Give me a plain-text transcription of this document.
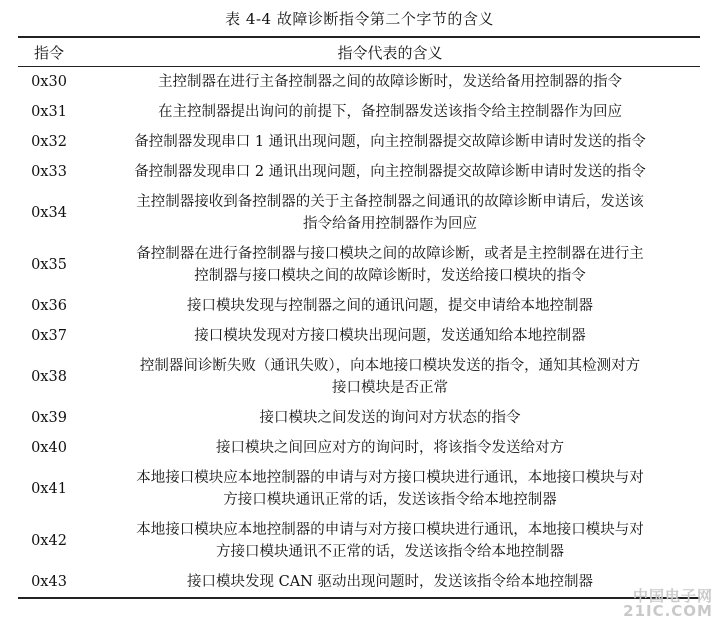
表 4-4 故障诊断指令第二个字节的含义
指令	指令代表的含义
0x30	主控制器在进行主备控制器之间的故障诊断时，发送给备用控制器的指令

0x31	在主控制器提出询问的前提下，备控制器发送该指令给主控制器作为回应

0x32	备控制器发现串口 1 通讯出现问题，向主控制器提交故障诊断申请时发送的指令

0x33	备控制器发现串口 2 通讯出现问题，向主控制器提交故障诊断申请时发送的指令

0x34	主控制器接收到备控制器的关于主备控制器之间通讯的故障诊断申请后，发送该
指令给备用控制器作为回应

0x35	备控制器在进行备控制器与接口模块之间的故障诊断，或者是主控制器在进行主
控制器与接口模块之间的故障诊断时，发送给接口模块的指令

0x36	接口模块发现与控制器之间的通讯问题，提交申请给本地控制器

0x37	接口模块发现对方接口模块出现问题，发送通知给本地控制器

0x38	控制器间诊断失败（通讯失败），向本地接口模块发送的指令，通知其检测对方
接口模块是否正常

0x39	接口模块之间发送的询问对方状态的指令

0x40	接口模块之间回应对方的询问时，将该指令发送给对方

0x41	本地接口模块应本地控制器的申请与对方接口模块进行通讯，本地接口模块与对
方接口模块通讯正常的话，发送该指令给本地控制器

0x42	本地接口模块应本地控制器的申请与对方接口模块进行通讯，本地接口模块与对
方接口模块通讯不正常的话，发送该指令给本地控制器

0x43	接口模块发现 CAN 驱动出现问题时，发送该指令给本地控制器
中国电子网
21IC.COM
